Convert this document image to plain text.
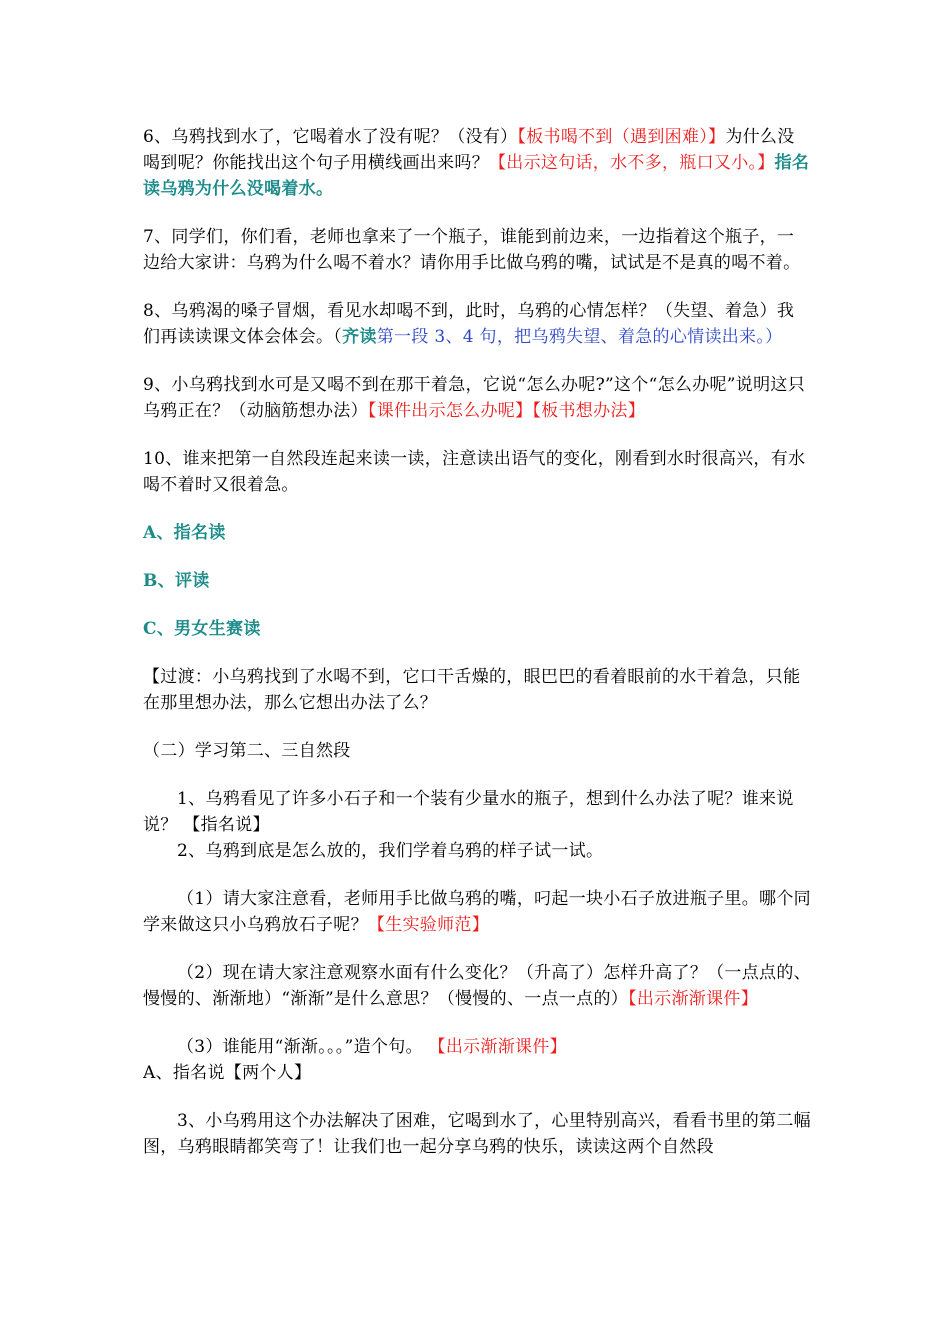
6、乌鸦找到水了，它喝着水了没有呢？（没有）【板书喝不到（遇到困难）】为什么没喝到呢？你能找出这个句子用横线画出来吗？【出示这句话，水不多，瓶口又小。】指名读乌鸦为什么没喝着水。

7、同学们，你们看，老师也拿来了一个瓶子，谁能到前边来，一边指着这个瓶子，一边给大家讲：乌鸦为什么喝不着水？请你用手比做乌鸦的嘴，试试是不是真的喝不着。

8、乌鸦渴的嗓子冒烟，看见水却喝不到，此时，乌鸦的心情怎样？（失望、着急）我们再读读课文体会体会。（齐读第一段 3、4 句，把乌鸦失望、着急的心情读出来。）

9、小乌鸦找到水可是又喝不到在那干着急，它说“怎么办呢?”这个“怎么办呢”说明这只乌鸦正在？（动脑筋想办法）【课件出示怎么办呢】【板书想办法】

10、谁来把第一自然段连起来读一读，注意读出语气的变化，刚看到水时很高兴，有水喝不着时又很着急。

A、指名读

B、评读

C、男女生赛读

【过渡：小乌鸦找到了水喝不到，它口干舌燥的，眼巴巴的看着眼前的水干着急，只能在那里想办法，那么它想出办法了么？

（二）学习第二、三自然段

1、乌鸦看见了许多小石子和一个装有少量水的瓶子，想到什么办法了呢？谁来说说？ 【指名说】

2、乌鸦到底是怎么放的，我们学着乌鸦的样子试一试。

（1）请大家注意看，老师用手比做乌鸦的嘴，叼起一块小石子放进瓶子里。哪个同学来做这只小乌鸦放石子呢？【生实验师范】

（2）现在请大家注意观察水面有什么变化？（升高了）怎样升高了？（一点点的、慢慢的、渐渐地）“渐渐”是什么意思？（慢慢的、一点一点的）【出示渐渐课件】

（3）谁能用“渐渐。。。”造个句。 【出示渐渐课件】

A、指名说【两个人】

3、小乌鸦用这个办法解决了困难，它喝到水了，心里特别高兴，看看书里的第二幅图，乌鸦眼睛都笑弯了！让我们也一起分享乌鸦的快乐，读读这两个自然段
